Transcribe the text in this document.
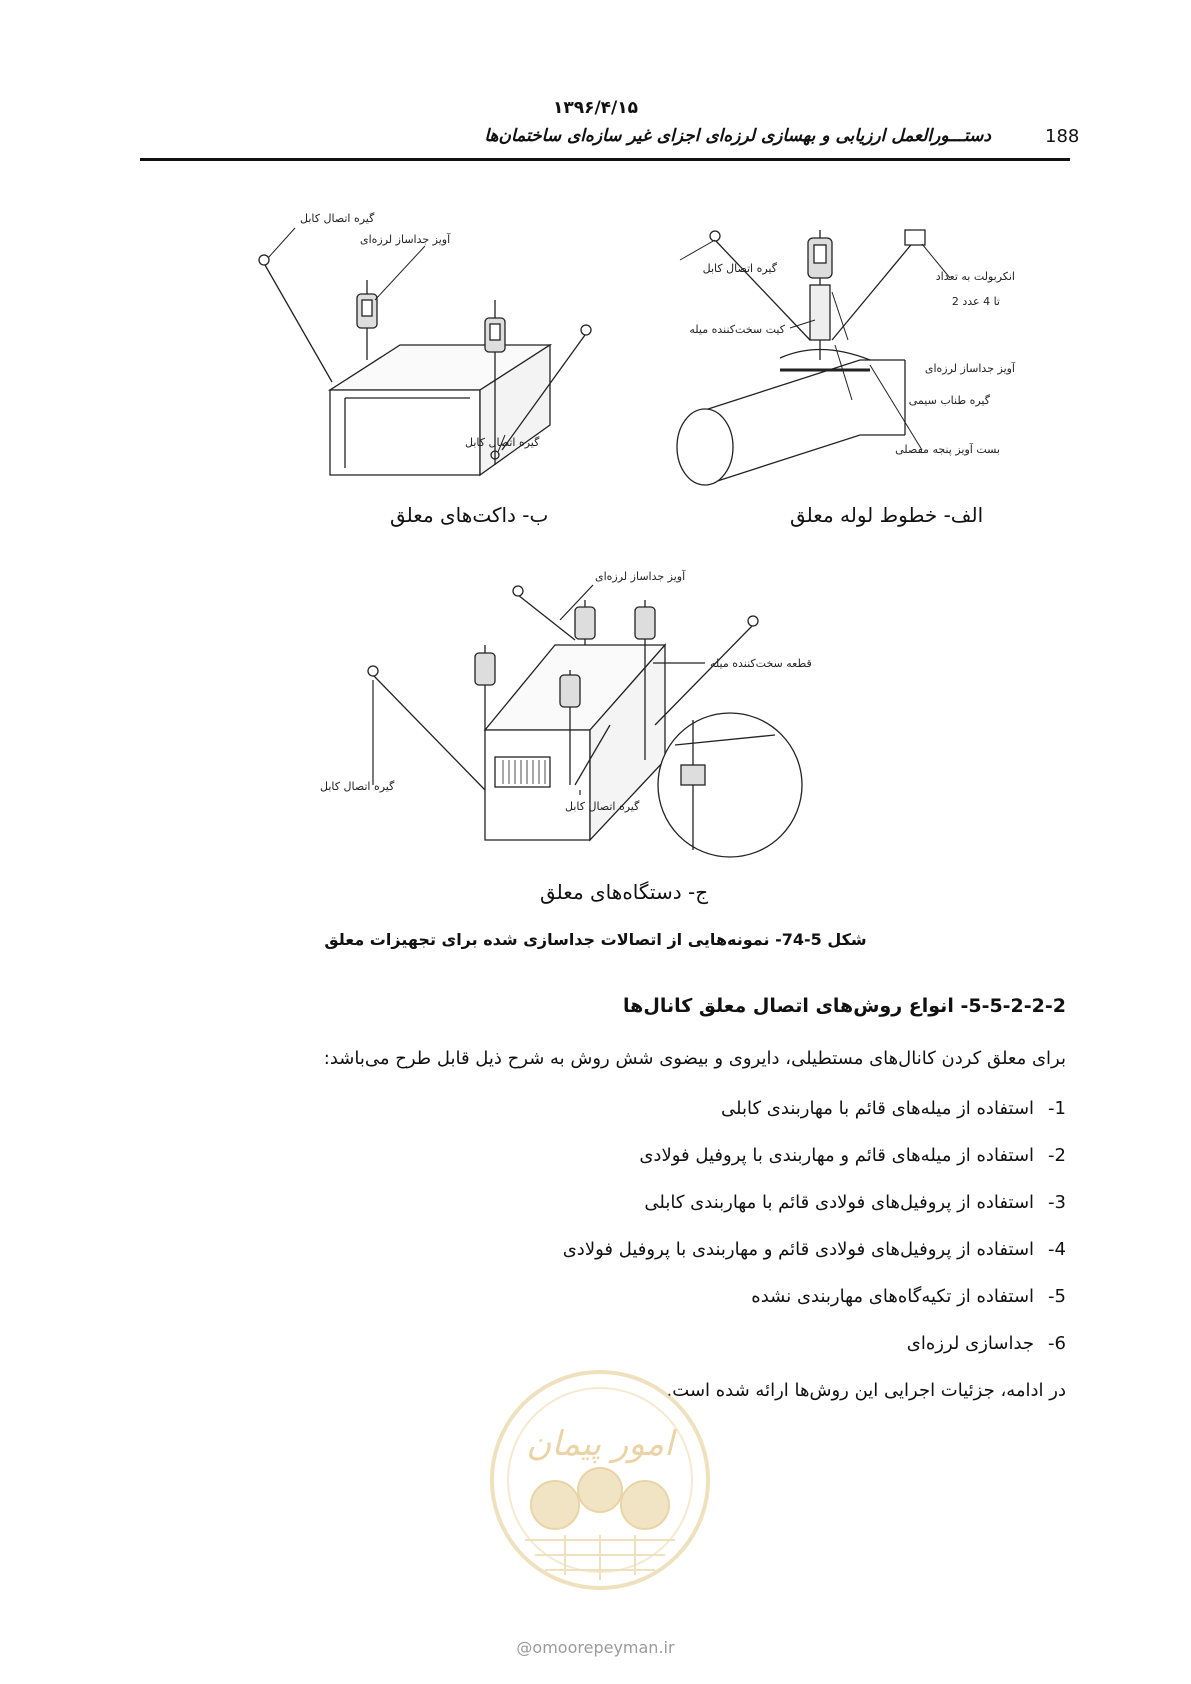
۱۳۹۶/۴/۱۵
دستـــورالعمل ارزیابی و بهسازی لرزه‌ای اجزای غیر سازه‌ای ساختمان‌ها	188
گیره اتصال کابل
آویز جداساز لرزه‌ای
گیره اتصال کابل
ب- داکت‌های معلق
گیره اتصال کابل
انکربولت به تعداد
2 تا 4 عدد
کیت سخت‌کننده میله
آویز جداساز لرزه‌ای
گیره طناب سیمی
بست آویز پنجه مفصلی
الف- خطوط لوله معلق
آویز جداساز لرزه‌ای
قطعه سخت‌کننده میله
گیره اتصال کابل
گیره اتصال کابل
ج- دستگاه‌های معلق
شکل 5-74- نمونه‌هایی از اتصالات جداسازی شده برای تجهیزات معلق
5-5-2-2-2- انواع روش‌های اتصال معلق کانال‌ها
برای معلق کردن کانال‌های مستطیلی، دایروی و بیضوی شش روش به شرح ذیل قابل طرح می‌باشد:
1-استفاده از میله‌های قائم با مهاربندی کابلی
2-استفاده از میله‌های قائم و مهاربندی با پروفیل فولادی
3-استفاده از پروفیل‌های فولادی قائم با مهاربندی کابلی
4-استفاده از پروفیل‌های فولادی قائم و مهاربندی با پروفیل فولادی
5-استفاده از تکیه‌گاه‌های مهاربندی نشده
6-جداسازی لرزه‌ای
در ادامه، جزئیات اجرایی این روش‌ها ارائه شده است.
امور پیمان
@omoorepeyman.ir
